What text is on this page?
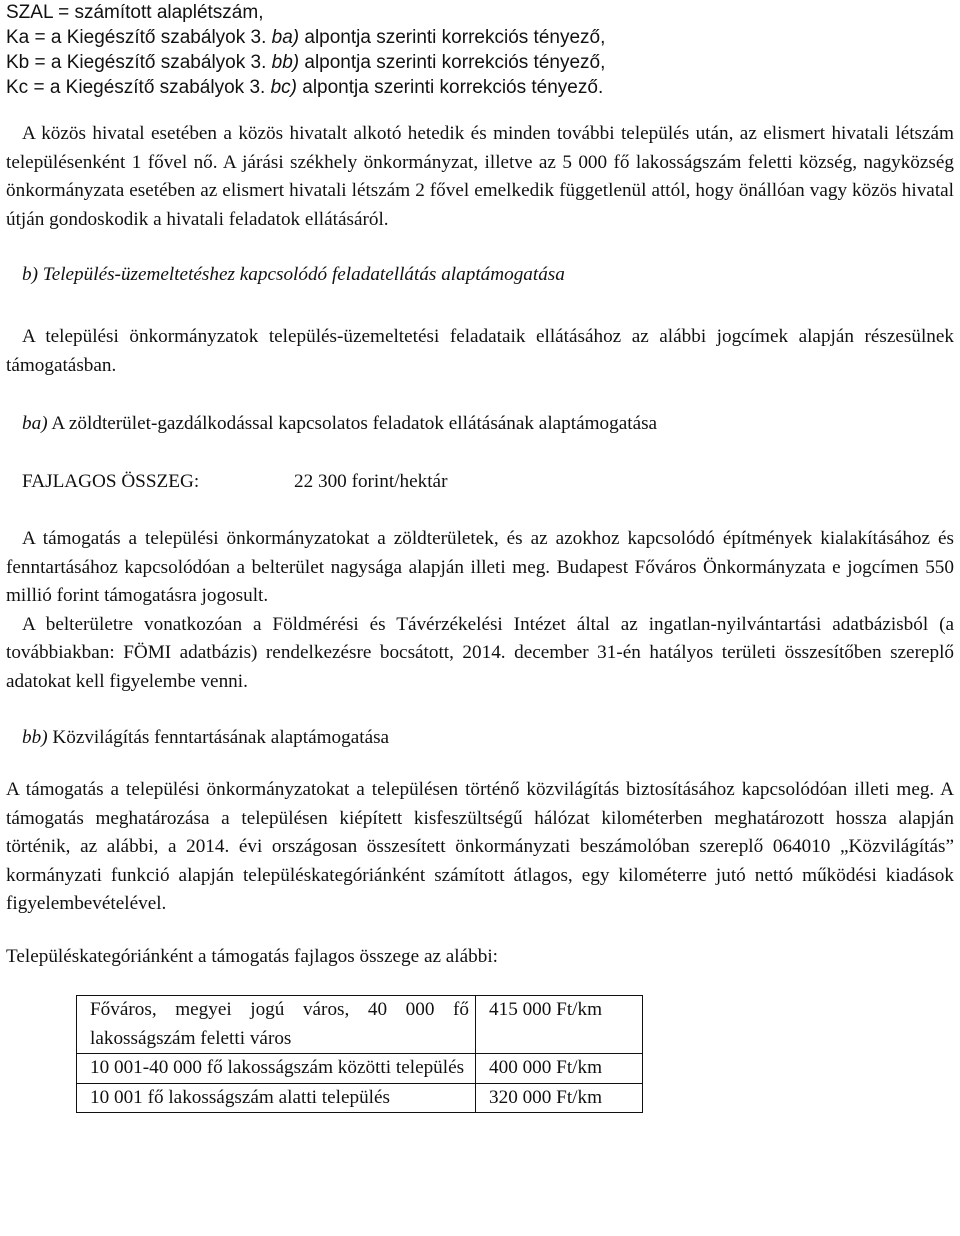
SZAL = számított alaplétszám,
Ka = a Kiegészítő szabályok 3. ba) alpontja szerinti korrekciós tényező,
Kb = a Kiegészítő szabályok 3. bb) alpontja szerinti korrekciós tényező,
Kc = a Kiegészítő szabályok 3. bc) alpontja szerinti korrekciós tényező.

A közös hivatal esetében a közös hivatalt alkotó hetedik és minden további település után, az elismert hivatali létszám településenként 1 fővel nő. A járási székhely önkormányzat, illetve az 5 000 fő lakosságszám feletti község, nagyközség önkormányzata esetében az elismert hivatali létszám 2 fővel emelkedik függetlenül attól, hogy önállóan vagy közös hivatal útján gondoskodik a hivatali feladatok ellátásáról.

b) Település-üzemeltetéshez kapcsolódó feladatellátás alaptámogatása

A települési önkormányzatok település-üzemeltetési feladataik ellátásához az alábbi jogcímek alapján részesülnek támogatásban.

ba) A zöldterület-gazdálkodással kapcsolatos feladatok ellátásának alaptámogatása

FAJLAGOS ÖSSZEG:	22 300 forint/hektár

A támogatás a települési önkormányzatokat a zöldterületek, és az azokhoz kapcsolódó építmények kialakításához és fenntartásához kapcsolódóan a belterület nagysága alapján illeti meg. Budapest Főváros Önkormányzata e jogcímen 550 millió forint támogatásra jogosult.

A belterületre vonatkozóan a Földmérési és Távérzékelési Intézet által az ingatlan-nyilvántartási adatbázisból (a továbbiakban: FÖMI adatbázis) rendelkezésre bocsátott, 2014. december 31-én hatályos területi összesítőben szereplő adatokat kell figyelembe venni.

bb) Közvilágítás fenntartásának alaptámogatása

A támogatás a települési önkormányzatokat a településen történő közvilágítás biztosításához kapcsolódóan illeti meg. A támogatás meghatározása a településen kiépített kisfeszültségű hálózat kilométerben meghatározott hossza alapján történik, az alábbi, a 2014. évi országosan összesített önkormányzati beszámolóban szereplő 064010 „Közvilágítás” kormányzati funkció alapján településkategóriánként számított átlagos, egy kilométerre jutó nettó működési kiadások figyelembevételével.

Településkategóriánként a támogatás fajlagos összege az alábbi:

Főváros, megyei jogú város, 40 000 fő lakosságszám feletti város	415 000 Ft/km
10 001-40 000 fő lakosságszám közötti település	400 000 Ft/km
10 001 fő lakosságszám alatti település	320 000 Ft/km
